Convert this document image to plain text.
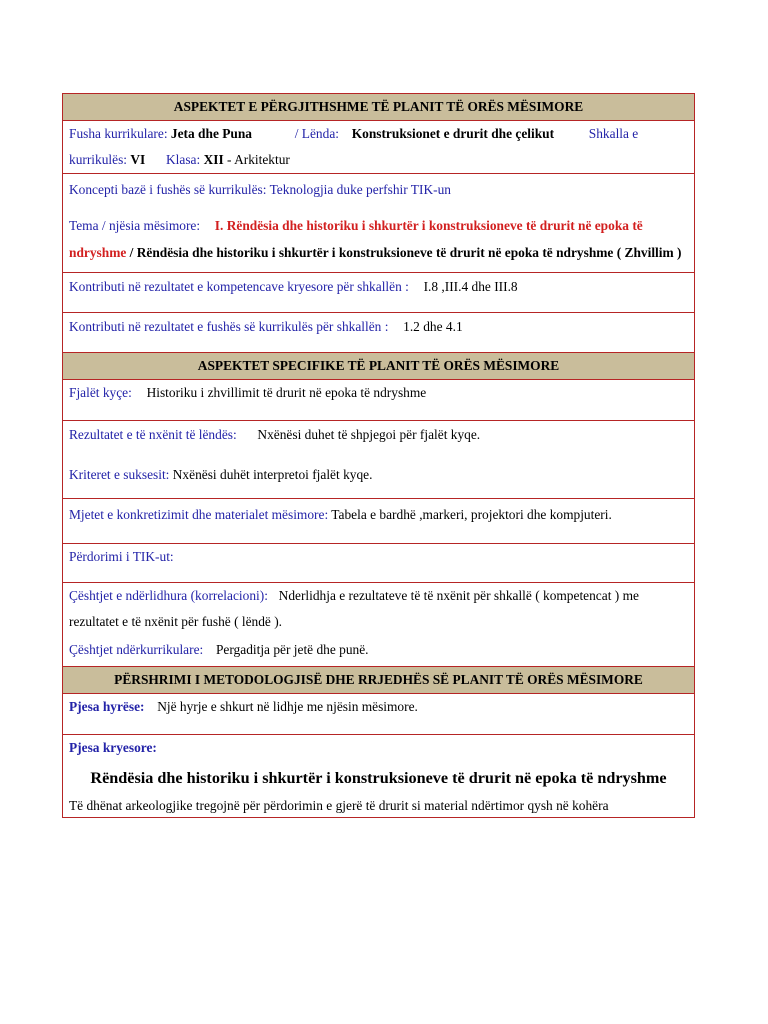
ASPEKTET E PËRGJITHSHME TË PLANIT TË ORËS MËSIMORE
Fusha kurrikulare: Jeta dhe Puna	/ Lënda: Konstruksionet e drurit dhe çelikut	Shkalla e kurrikulës: VI Klasa: XII - Arkitektur

Koncepti bazë i fushës së kurrikulës: Teknologjia duke perfshir TIK-un
Tema / njësia mësimore: I. Rëndësia dhe historiku i shkurtër i konstruksioneve të drurit në epoka të ndryshme / Rëndësia dhe historiku i shkurtër i konstruksioneve të drurit në epoka të ndryshme ( Zhvillim )

Kontributi në rezultatet e kompetencave kryesore për shkallën : I.8 ,III.4 dhe III.8
Kontributi në rezultatet e fushës së kurrikulës për shkallën : 1.2 dhe 4.1
ASPEKTET SPECIFIKE TË PLANIT TË ORËS MËSIMORE
Fjalët kyçe: Historiku i zhvillimit të drurit në epoka të ndryshme

Rezultatet e të nxënit të lëndës: Nxënësi duhet të shpjegoi për fjalët kyqe.
Kriteret e suksesit: Nxënësi duhët interpretoi fjalët kyqe.

Mjetet e konkretizimit dhe materialet mësimore: Tabela e bardhë ,markeri, projektori dhe kompjuteri.
Përdorimi i TIK-ut:

Çështjet e ndërlidhura (korrelacioni): Nderlidhja e rezultateve të të nxënit për shkallë ( kompetencat ) me rezultatet e të nxënit për fushë ( lëndë ).
Çështjet ndërkurrikulare: Pergaditja për jetë dhe punë.

PËRSHRIMI I METODOLOGJISË DHE RRJEDHËS SË PLANIT TË ORËS MËSIMORE
Pjesa hyrëse: Një hyrje e shkurt në lidhje me njësin mësimore.

Pjesa kryesore:
Rëndësia dhe historiku i shkurtër i konstruksioneve të drurit në epoka të ndryshme
Të dhënat arkeologjike tregojnë për përdorimin e gjerë të drurit si material ndërtimor qysh në kohëra
